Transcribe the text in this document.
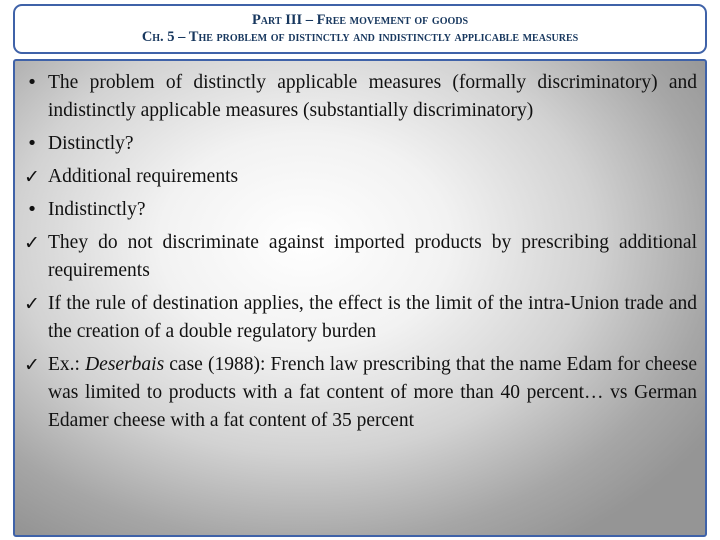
Part III – Free movement of goods
Ch. 5 – The problem of distinctly and indistinctly applicable measures
• The problem of distinctly applicable measures (formally discriminatory) and indistinctly applicable measures (substantially discriminatory)
• Distinctly?
✓ Additional requirements
• Indistinctly?
✓ They do not discriminate against imported products by prescribing additional requirements
✓ If the rule of destination applies, the effect is the limit of the intra-Union trade and the creation of a double regulatory burden
✓ Ex.: Deserbais case (1988): French law prescribing that the name Edam for cheese was limited to products with a fat content of more than 40 percent… vs German Edamer cheese with a fat content of 35 percent
